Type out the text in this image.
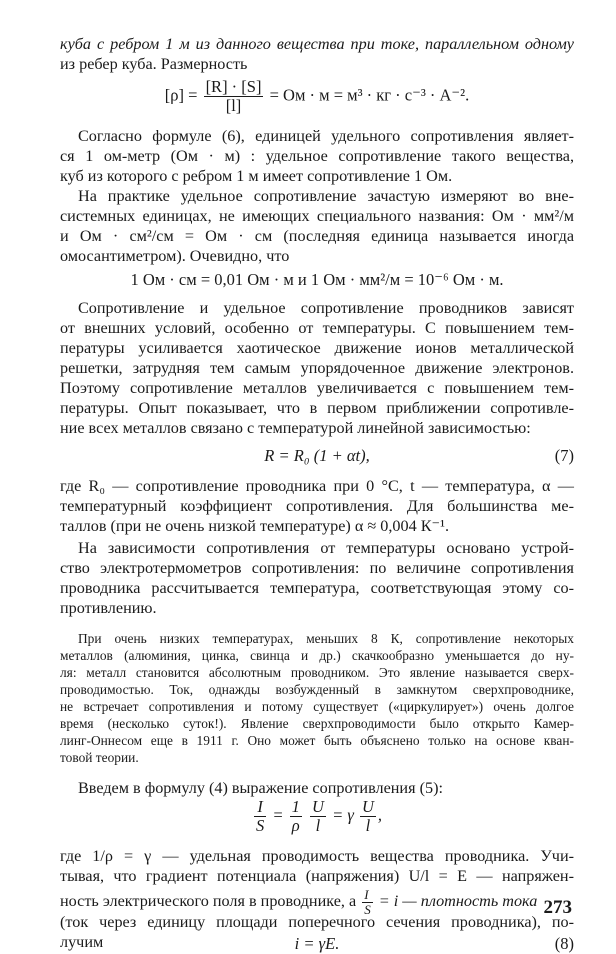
куба с ребром 1 м из данного вещества при токе, параллельном одному
из ребер куба. Размерность
$[\rho] = \frac{[R] \cdot [S]}{[l]}$ = Ом · м = м³ · кг · с⁻³ · А⁻².
Согласно формуле (6), единицей удельного сопротивления являет-
ся 1 ом-метр (Ом · м) : удельное сопротивление такого вещества,
куб из которого с ребром 1 м имеет сопротивление 1 Ом.
На практике удельное сопротивление зачастую измеряют во вне-
системных единицах, не имеющих специального названия: Ом · мм²/м
и Ом · см²/см = Ом · см (последняя единица называется иногда
омосантиметром). Очевидно, что
1 Ом · см = 0,01 Ом · м и 1 Ом · мм²/м = 10⁻⁶ Ом · м.
Сопротивление и удельное сопротивление проводников зависят
от внешних условий, особенно от температуры. С повышением тем-
пературы усиливается хаотическое движение ионов металлической
решетки, затрудняя тем самым упорядоченное движение электронов.
Поэтому сопротивление металлов увеличивается с повышением тем-
пературы. Опыт показывает, что в первом приближении сопротивле-
ние всех металлов связано с температурой линейной зависимостью:
R = R₀ (1 + αt),	(7)
где R₀ — сопротивление проводника при 0 °С, t — температура, α —
температурный коэффициент сопротивления. Для большинства ме-
таллов (при не очень низкой температуре) α ≈ 0,004 К⁻¹.
На зависимости сопротивления от температуры основано устрой-
ство электротермометров сопротивления: по величине сопротивления
проводника рассчитывается температура, соответствующая этому со-
противлению.
При очень низких температурах, меньших 8 К, сопротивление некоторых
металлов (алюминия, цинка, свинца и др.) скачкообразно уменьшается до ну-
ля: металл становится абсолютным проводником. Это явление называется сверх-
проводимостью. Ток, однажды возбужденный в замкнутом сверхпроводнике,
не встречает сопротивления и потому существует («циркулирует») очень долгое
время (несколько суток!). Явление сверхпроводимости было открыто Камер-
линг-Оннесом еще в 1911 г. Оно может быть объяснено только на основе кван-
товой теории.
Введем в формулу (4) выражение сопротивления (5):
$\frac{I}{S} = \frac{1}{\rho}$
$\frac{U}{l} = \gamma \frac{U}{l}$ ,
где 1/ρ = γ — удельная проводимость вещества проводника. Учи-
тывая, что градиент потенциала (напряжения) U/l = E — напряжен-
ность электрического поля в проводнике, а $\frac{I}{S} = i$ — плотность тока
(ток через единицу площади поперечного сечения проводника), по-
лучим	i = γE.	(8)
273
